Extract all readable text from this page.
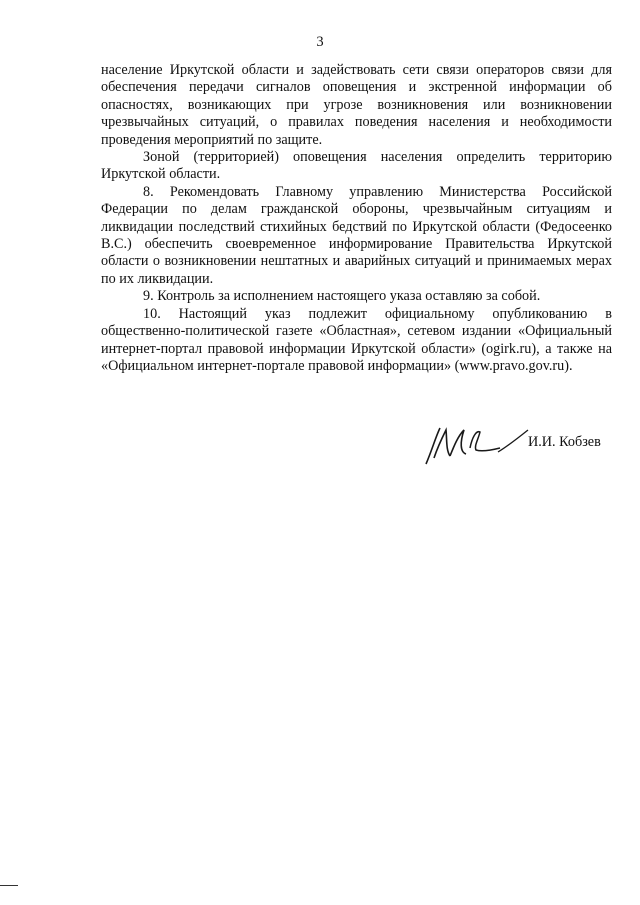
3

население Иркутской области и задействовать сети связи операторов связи для обеспечения передачи сигналов оповещения и экстренной информации об опасностях, возникающих при угрозе возникновения или возникновении чрезвычайных ситуаций, о правилах поведения населения и необходимости проведения мероприятий по защите.

Зоной (территорией) оповещения населения определить территорию Иркутской области.

8. Рекомендовать Главному управлению Министерства Российской Федерации по делам гражданской обороны, чрезвычайным ситуациям и ликвидации последствий стихийных бедствий по Иркутской области (Федосеенко В.С.) обеспечить своевременное информирование Правительства Иркутской области о возникновении нештатных и аварийных ситуаций и принимаемых мерах по их ликвидации.

9. Контроль за исполнением настоящего указа оставляю за собой.

10. Настоящий указ подлежит официальному опубликованию в общественно-политической газете «Областная», сетевом издании «Официальный интернет-портал правовой информации Иркутской области» (ogirk.ru), а также на «Официальном интернет-портале правовой информации» (www.pravo.gov.ru).

И.И. Кобзев
